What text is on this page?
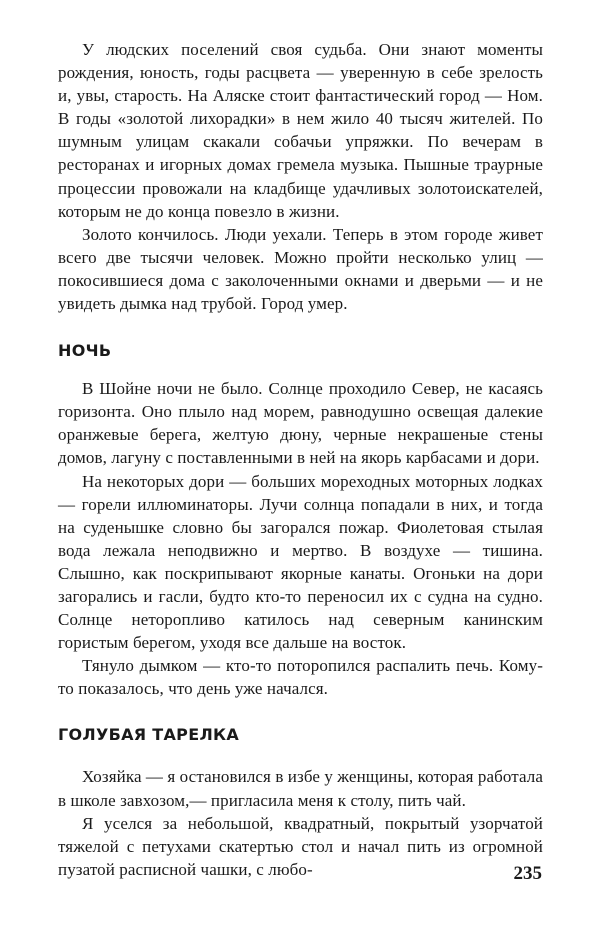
У людских поселений своя судьба. Они знают моменты рождения, юность, годы расцвета — уверенную в себе зрелость и, увы, старость. На Аляске стоит фантастический город — Ном. В годы «золотой лихорадки» в нем жило 40 тысяч жителей. По шумным улицам скакали собачьи упряжки. По вечерам в ресторанах и игорных домах гремела музыка. Пышные траурные процессии провожали на кладбище удачливых золотоискателей, которым не до конца повезло в жизни.

Золото кончилось. Люди уехали. Теперь в этом городе живет всего две тысячи человек. Можно пройти несколько улиц — покосившиеся дома с заколоченными окнами и дверьми — и не увидеть дымка над трубой. Город умер.

НОЧЬ

В Шойне ночи не было. Солнце проходило Север, не касаясь горизонта. Оно плыло над морем, равнодушно освещая далекие оранжевые берега, желтую дюну, черные некрашеные стены домов, лагуну с поставленными в ней на якорь карбасами и дори.

На некоторых дори — больших мореходных моторных лодках — горели иллюминаторы. Лучи солнца попадали в них, и тогда на суденышке словно бы загорался пожар. Фиолетовая стылая вода лежала неподвижно и мертво. В воздухе — тишина. Слышно, как поскрипывают якорные канаты. Огоньки на дори загорались и гасли, будто кто-то переносил их с судна на судно. Солнце неторопливо катилось над северным канинским гористым берегом, уходя все дальше на восток.

Тянуло дымком — кто-то поторопился распалить печь. Кому-то показалось, что день уже начался.

ГОЛУБАЯ ТАРЕЛКА

Хозяйка — я остановился в избе у женщины, которая работала в школе завхозом,— пригласила меня к столу, пить чай.

Я уселся за небольшой, квадратный, покрытый узорчатой тяжелой с петухами скатертью стол и начал пить из огромной пузатой расписной чашки, с любо-	235
